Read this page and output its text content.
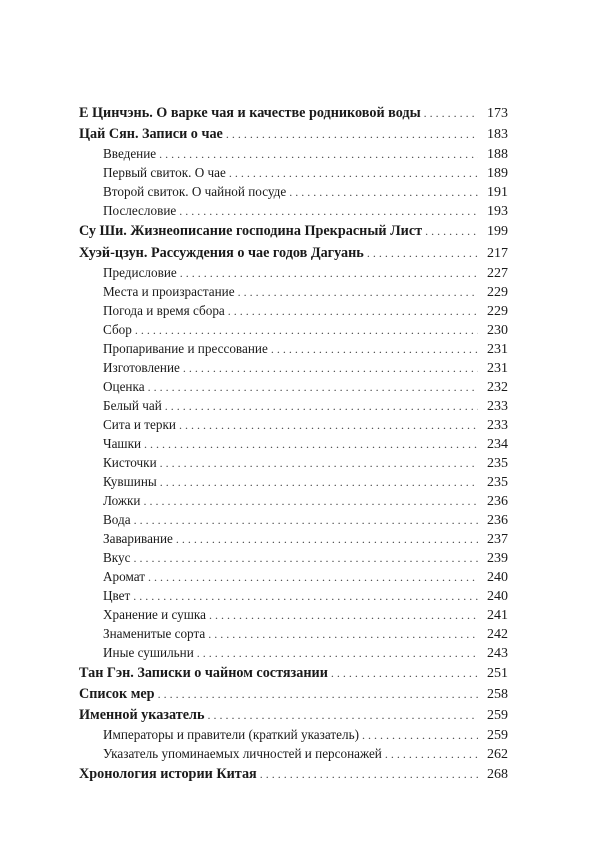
Е Цинчэнь. О варке чая и качестве родниковой воды . . .	173
Цай Сян. Записи о чае . . .	183
Введение . . .	188
Первый свиток. О чае . . .	189
Второй свиток. О чайной посуде . . .	191
Послесловие . . .	193
Су Ши. Жизнеописание господина Прекрасный Лист . . .	199
Хуэй-цзун. Рассуждения о чае годов Дагуань . . .	217
Предисловие . . .	227
Места и произрастание . . .	229
Погода и время сбора . . .	229
Сбор . . .	230
Пропаривание и прессование . . .	231
Изготовление . . .	231
Оценка . . .	232
Белый чай . . .	233
Сита и терки . . .	233
Чашки . . .	234
Кисточки . . .	235
Кувшины . . .	235
Ложки . . .	236
Вода . . .	236
Заваривание . . .	237
Вкус . . .	239
Аромат . . .	240
Цвет . . .	240
Хранение и сушка . . .	241
Знаменитые сорта . . .	242
Иные сушильни . . .	243
Тан Гэн. Записки о чайном состязании . . .	251
Список мер . . .	258
Именной указатель . . .	259
Императоры и правители (краткий указатель) . . .	259
Указатель упоминаемых личностей и персонажей . . .	262
Хронология истории Китая . . .	268
